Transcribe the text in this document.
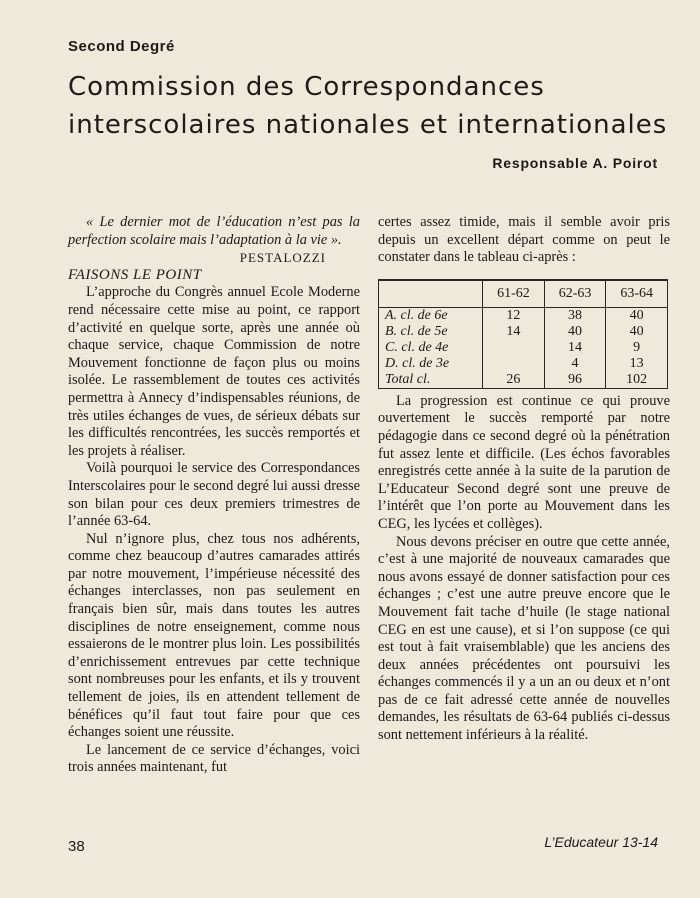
Second Degré
Commission des Correspondances interscolaires nationales et internationales
Responsable A. Poirot

« Le dernier mot de l’éducation n’est pas la perfection scolaire mais l’adaptation à la vie ».

PESTALOZZI

FAISONS LE POINT

L’approche du Congrès annuel Ecole Moderne rend nécessaire cette mise au point, ce rapport d’activité en quelque sorte, après une année où chaque service, chaque Commission de notre Mouvement fonctionne de façon plus ou moins isolée. Le rassemblement de toutes ces activités permettra à Annecy d’indispensables réunions, de très utiles échanges de vues, de sérieux débats sur les difficultés rencontrées, les succès remportés et les projets à réaliser.

Voilà pourquoi le service des Correspondances Interscolaires pour le second degré lui aussi dresse son bilan pour ces deux premiers trimestres de l’année 63-64.

Nul n’ignore plus, chez tous nos adhérents, comme chez beaucoup d’autres camarades attirés par notre mouvement, l’impérieuse nécessité des échanges interclasses, non pas seulement en français bien sûr, mais dans toutes les autres disciplines de notre enseignement, comme nous essaierons de le montrer plus loin. Les possibilités d’enrichissement entrevues par cette technique sont nombreuses pour les enfants, et ils y trouvent tellement de joies, ils en attendent tellement de bénéfices qu’il faut tout faire pour que ces échanges soient une réussite.

Le lancement de ce service d’échanges, voici trois années maintenant, fut

certes assez timide, mais il semble avoir pris depuis un excellent départ comme on peut le constater dans le tableau ci-après :

	61-62	62-63	63-64
A. cl. de 6e	12	38	40
B. cl. de 5e	14	40	40
C. cl. de 4e		14	9
D. cl. de 3e		4	13
Total cl.	26	96	102

La progression est continue ce qui prouve ouvertement le succès remporté par notre pédagogie dans ce second degré où la pénétration fut assez lente et difficile. (Les échos favorables enregistrés cette année à la suite de la parution de L’Educateur Second degré sont une preuve de l’intérêt que l’on porte au Mouvement dans les CEG, les lycées et collèges).

Nous devons préciser en outre que cette année, c’est à une majorité de nouveaux camarades que nous avons essayé de donner satisfaction pour ces échanges ; c’est une autre preuve encore que le Mouvement fait tache d’huile (le stage national CEG en est une cause), et si l’on suppose (ce qui est tout à fait vraisemblable) que les anciens des deux années précédentes ont poursuivi les échanges commencés il y a un an ou deux et n’ont pas de ce fait adressé cette année de nouvelles demandes, les résultats de 63-64 publiés ci-dessus sont nettement inférieurs à la réalité.

38	L’Educateur 13-14
